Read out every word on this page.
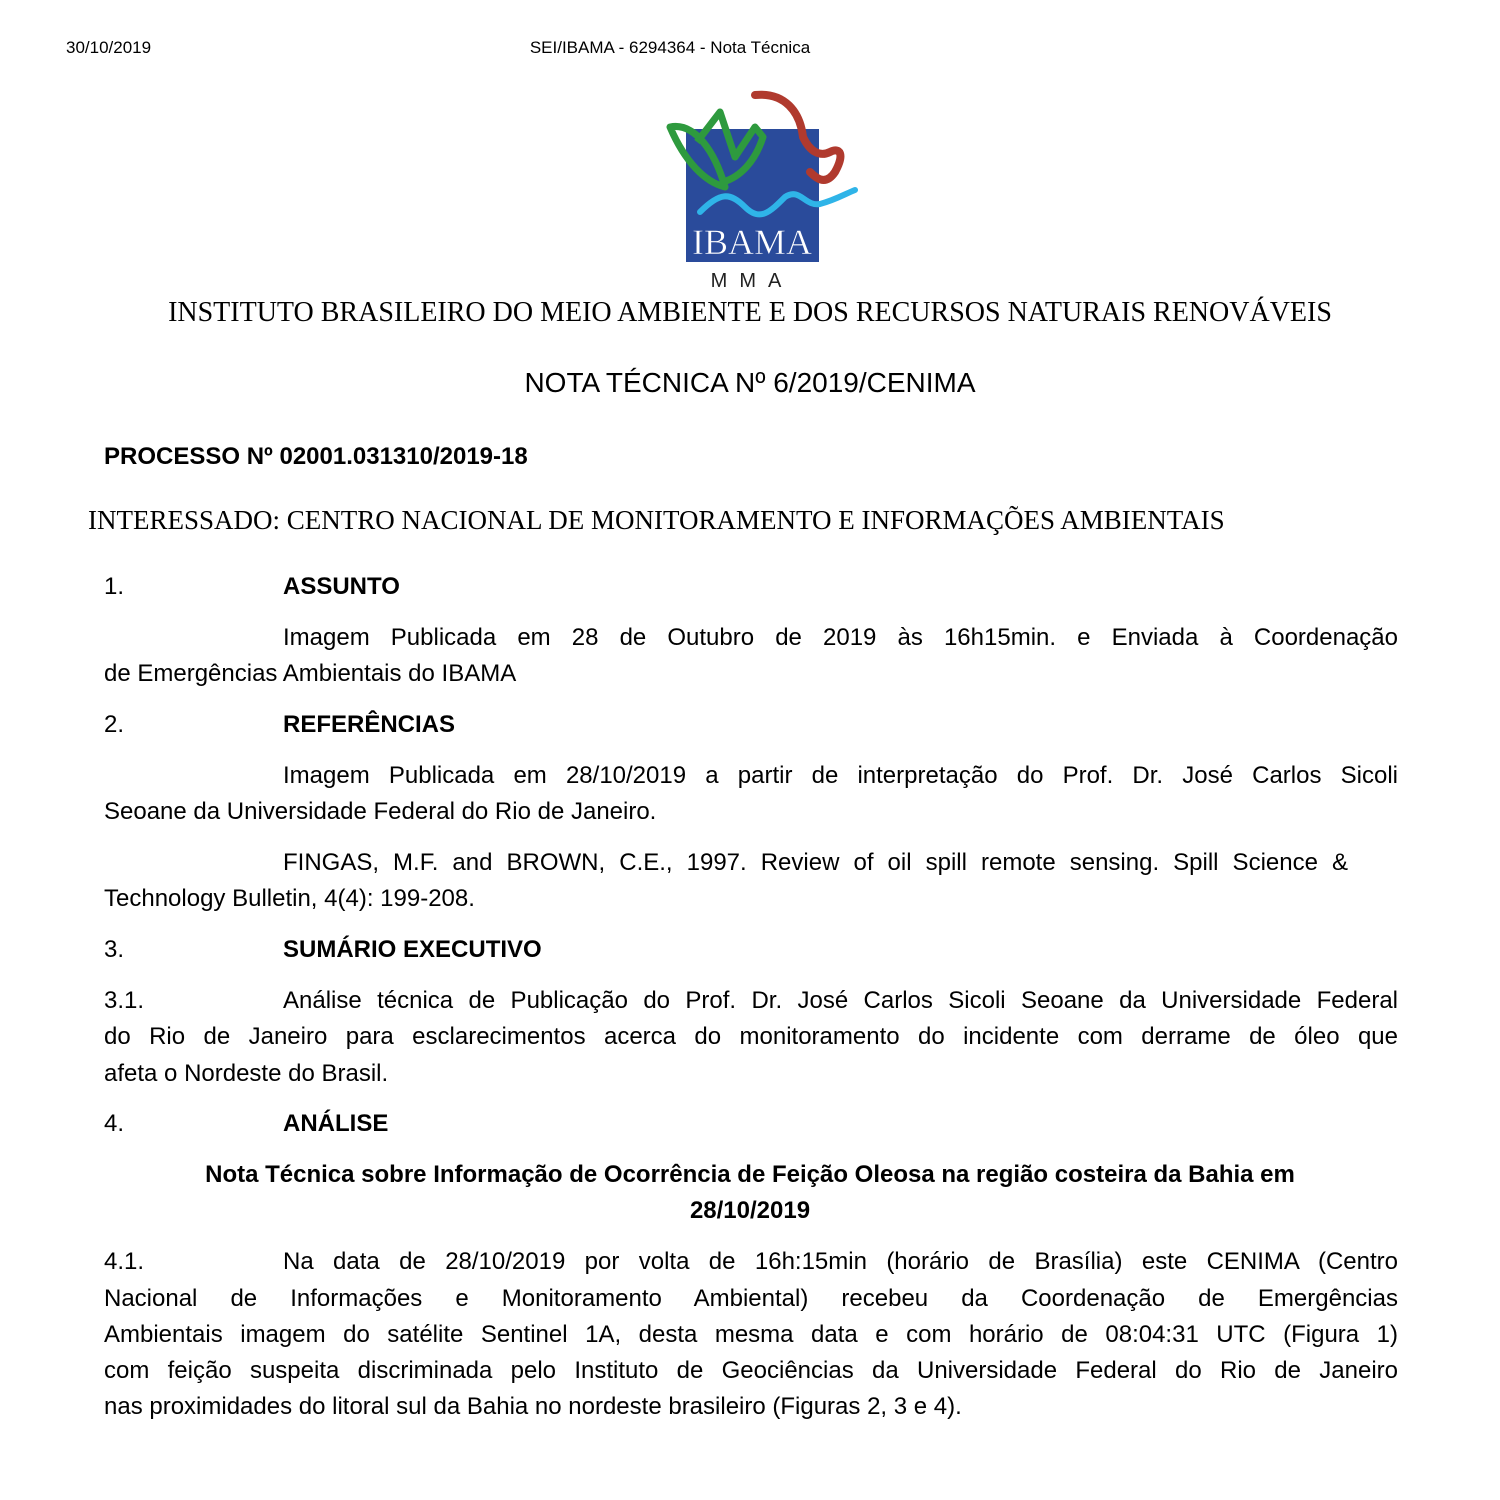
30/10/2019	SEI/IBAMA - 6294364 - Nota Técnica
IBAMA
MMA
INSTITUTO BRASILEIRO DO MEIO AMBIENTE E DOS RECURSOS NATURAIS RENOVÁVEIS
NOTA TÉCNICA Nº 6/2019/CENIMA
PROCESSO Nº 02001.031310/2019-18
INTERESSADO: CENTRO NACIONAL DE MONITORAMENTO E INFORMAÇÕES AMBIENTAIS
1.	ASSUNTO
Imagem Publicada em 28 de Outubro de 2019 às 16h15min. e Enviada à Coordenação
de Emergências Ambientais do IBAMA
2.	REFERÊNCIAS
Imagem Publicada em 28/10/2019 a partir de interpretação do Prof. Dr. José Carlos Sicoli
Seoane da Universidade Federal do Rio de Janeiro.
FINGAS, M.F. and BROWN, C.E., 1997. Review of oil spill remote sensing. Spill Science &
Technology Bulletin, 4(4): 199-208.
3.	SUMÁRIO EXECUTIVO
3.1.	Análise técnica de Publicação do Prof. Dr. José Carlos Sicoli Seoane da Universidade Federal
do Rio de Janeiro para esclarecimentos acerca do monitoramento do incidente com derrame de óleo que
afeta o Nordeste do Brasil.
4.	ANÁLISE
Nota Técnica sobre Informação de Ocorrência de Feição Oleosa na região costeira da Bahia em
28/10/2019
4.1.	Na data de 28/10/2019 por volta de 16h:15min (horário de Brasília) este CENIMA (Centro
Nacional de Informações e Monitoramento Ambiental) recebeu da Coordenação de Emergências
Ambientais imagem do satélite Sentinel 1A, desta mesma data e com horário de 08:04:31 UTC (Figura 1)
com feição suspeita discriminada pelo Instituto de Geociências da Universidade Federal do Rio de Janeiro
nas proximidades do litoral sul da Bahia no nordeste brasileiro (Figuras 2, 3 e 4).
